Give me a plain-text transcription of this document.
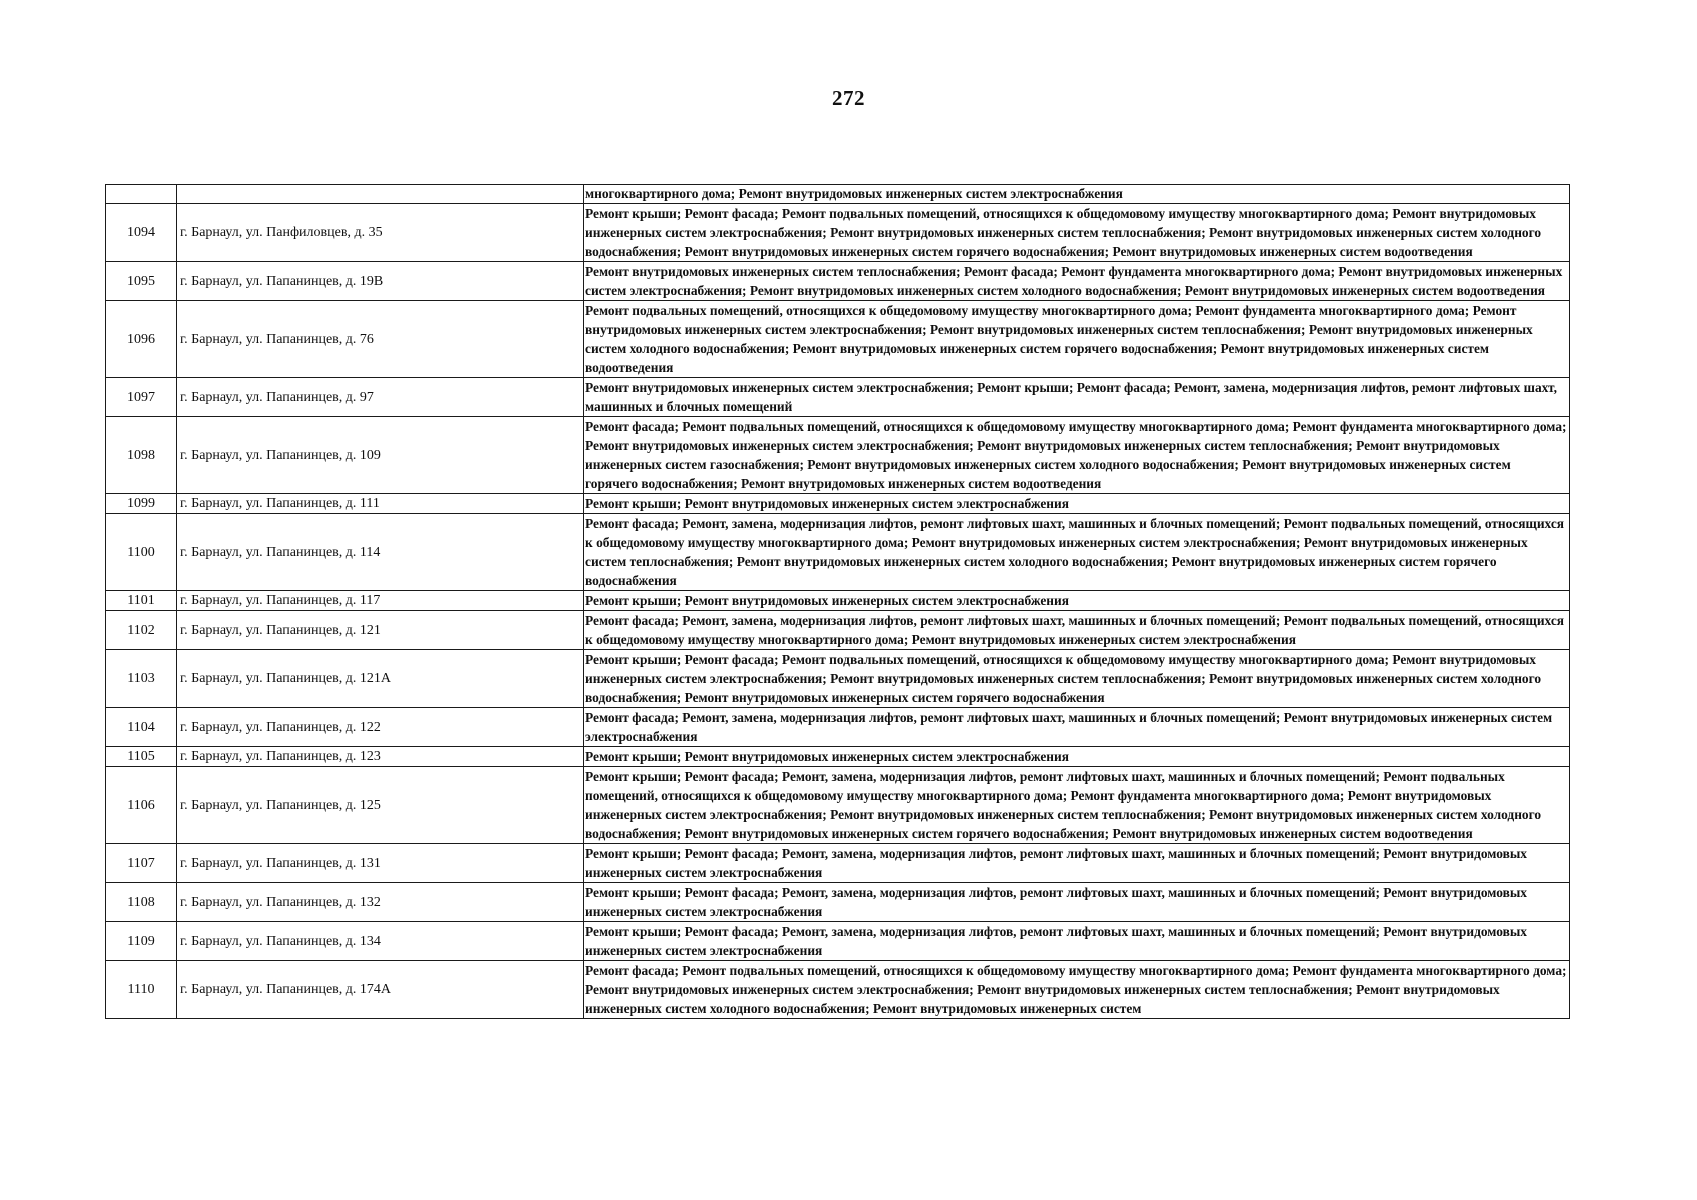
272
		многоквартирного дома; Ремонт внутридомовых инженерных систем электроснабжения
1094	г. Барнаул, ул. Панфиловцев, д. 35	Ремонт крыши; Ремонт фасада; Ремонт подвальных помещений, относящихся к общедомовому имуществу многоквартирного дома; Ремонт внутридомовых инженерных систем электроснабжения; Ремонт внутридомовых инженерных систем теплоснабжения; Ремонт внутридомовых инженерных систем холодного водоснабжения; Ремонт внутридомовых инженерных систем горячего водоснабжения; Ремонт внутридомовых инженерных систем водоотведения
1095	г. Барнаул, ул. Папанинцев, д. 19В	Ремонт внутридомовых инженерных систем теплоснабжения; Ремонт фасада; Ремонт фундамента многоквартирного дома; Ремонт внутридомовых инженерных систем электроснабжения; Ремонт внутридомовых инженерных систем холодного водоснабжения; Ремонт внутридомовых инженерных систем водоотведения
1096	г. Барнаул, ул. Папанинцев, д. 76	Ремонт подвальных помещений, относящихся к общедомовому имуществу многоквартирного дома; Ремонт фундамента многоквартирного дома; Ремонт внутридомовых инженерных систем электроснабжения; Ремонт внутридомовых инженерных систем теплоснабжения; Ремонт внутридомовых инженерных систем холодного водоснабжения; Ремонт внутридомовых инженерных систем горячего водоснабжения; Ремонт внутридомовых инженерных систем водоотведения
1097	г. Барнаул, ул. Папанинцев, д. 97	Ремонт внутридомовых инженерных систем электроснабжения; Ремонт крыши; Ремонт фасада; Ремонт, замена, модернизация лифтов, ремонт лифтовых шахт, машинных и блочных помещений
1098	г. Барнаул, ул. Папанинцев, д. 109	Ремонт фасада; Ремонт подвальных помещений, относящихся к общедомовому имуществу многоквартирного дома; Ремонт фундамента многоквартирного дома; Ремонт внутридомовых инженерных систем электроснабжения; Ремонт внутридомовых инженерных систем теплоснабжения; Ремонт внутридомовых инженерных систем газоснабжения; Ремонт внутридомовых инженерных систем холодного водоснабжения; Ремонт внутридомовых инженерных систем горячего водоснабжения; Ремонт внутридомовых инженерных систем водоотведения
1099	г. Барнаул, ул. Папанинцев, д. 111	Ремонт крыши; Ремонт внутридомовых инженерных систем электроснабжения
1100	г. Барнаул, ул. Папанинцев, д. 114	Ремонт фасада; Ремонт, замена, модернизация лифтов, ремонт лифтовых шахт, машинных и блочных помещений; Ремонт подвальных помещений, относящихся к общедомовому имуществу многоквартирного дома; Ремонт внутридомовых инженерных систем электроснабжения; Ремонт внутридомовых инженерных систем теплоснабжения; Ремонт внутридомовых инженерных систем холодного водоснабжения; Ремонт внутридомовых инженерных систем горячего водоснабжения
1101	г. Барнаул, ул. Папанинцев, д. 117	Ремонт крыши; Ремонт внутридомовых инженерных систем электроснабжения
1102	г. Барнаул, ул. Папанинцев, д. 121	Ремонт фасада; Ремонт, замена, модернизация лифтов, ремонт лифтовых шахт, машинных и блочных помещений; Ремонт подвальных помещений, относящихся к общедомовому имуществу многоквартирного дома; Ремонт внутридомовых инженерных систем электроснабжения
1103	г. Барнаул, ул. Папанинцев, д. 121А	Ремонт крыши; Ремонт фасада; Ремонт подвальных помещений, относящихся к общедомовому имуществу многоквартирного дома; Ремонт внутридомовых инженерных систем электроснабжения; Ремонт внутридомовых инженерных систем теплоснабжения; Ремонт внутридомовых инженерных систем холодного водоснабжения; Ремонт внутридомовых инженерных систем горячего водоснабжения
1104	г. Барнаул, ул. Папанинцев, д. 122	Ремонт фасада; Ремонт, замена, модернизация лифтов, ремонт лифтовых шахт, машинных и блочных помещений; Ремонт внутридомовых инженерных систем электроснабжения
1105	г. Барнаул, ул. Папанинцев, д. 123	Ремонт крыши; Ремонт внутридомовых инженерных систем электроснабжения
1106	г. Барнаул, ул. Папанинцев, д. 125	Ремонт крыши; Ремонт фасада; Ремонт, замена, модернизация лифтов, ремонт лифтовых шахт, машинных и блочных помещений; Ремонт подвальных помещений, относящихся к общедомовому имуществу многоквартирного дома; Ремонт фундамента многоквартирного дома; Ремонт внутридомовых инженерных систем электроснабжения; Ремонт внутридомовых инженерных систем теплоснабжения; Ремонт внутридомовых инженерных систем холодного водоснабжения; Ремонт внутридомовых инженерных систем горячего водоснабжения; Ремонт внутридомовых инженерных систем водоотведения
1107	г. Барнаул, ул. Папанинцев, д. 131	Ремонт крыши; Ремонт фасада; Ремонт, замена, модернизация лифтов, ремонт лифтовых шахт, машинных и блочных помещений; Ремонт внутридомовых инженерных систем электроснабжения
1108	г. Барнаул, ул. Папанинцев, д. 132	Ремонт крыши; Ремонт фасада; Ремонт, замена, модернизация лифтов, ремонт лифтовых шахт, машинных и блочных помещений; Ремонт внутридомовых инженерных систем электроснабжения
1109	г. Барнаул, ул. Папанинцев, д. 134	Ремонт крыши; Ремонт фасада; Ремонт, замена, модернизация лифтов, ремонт лифтовых шахт, машинных и блочных помещений; Ремонт внутридомовых инженерных систем электроснабжения
1110	г. Барнаул, ул. Папанинцев, д. 174А	Ремонт фасада; Ремонт подвальных помещений, относящихся к общедомовому имуществу многоквартирного дома; Ремонт фундамента многоквартирного дома; Ремонт внутридомовых инженерных систем электроснабжения; Ремонт внутридомовых инженерных систем теплоснабжения; Ремонт внутридомовых инженерных систем холодного водоснабжения; Ремонт внутридомовых инженерных систем
